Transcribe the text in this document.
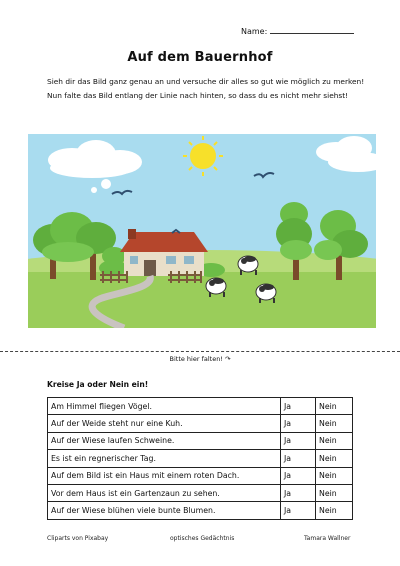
Name:
Auf dem Bauernhof
Sieh dir das Bild ganz genau an und versuche dir alles so gut wie möglich zu merken! Nun falte das Bild entlang der Linie nach hinten, so dass du es nicht mehr siehst!
Bitte hier falten! ↷
Kreise Ja oder Nein ein!
Am Himmel fliegen Vögel.	Ja	Nein
Auf der Weide steht nur eine Kuh.	Ja	Nein
Auf der Wiese laufen Schweine.	Ja	Nein
Es ist ein regnerischer Tag.	Ja	Nein
Auf dem Bild ist ein Haus mit einem roten Dach.	Ja	Nein
Vor dem Haus ist ein Gartenzaun zu sehen.	Ja	Nein
Auf der Wiese blühen viele bunte Blumen.	Ja	Nein
Cliparts von Pixabay	optisches Gedächtnis	Tamara Wallner
